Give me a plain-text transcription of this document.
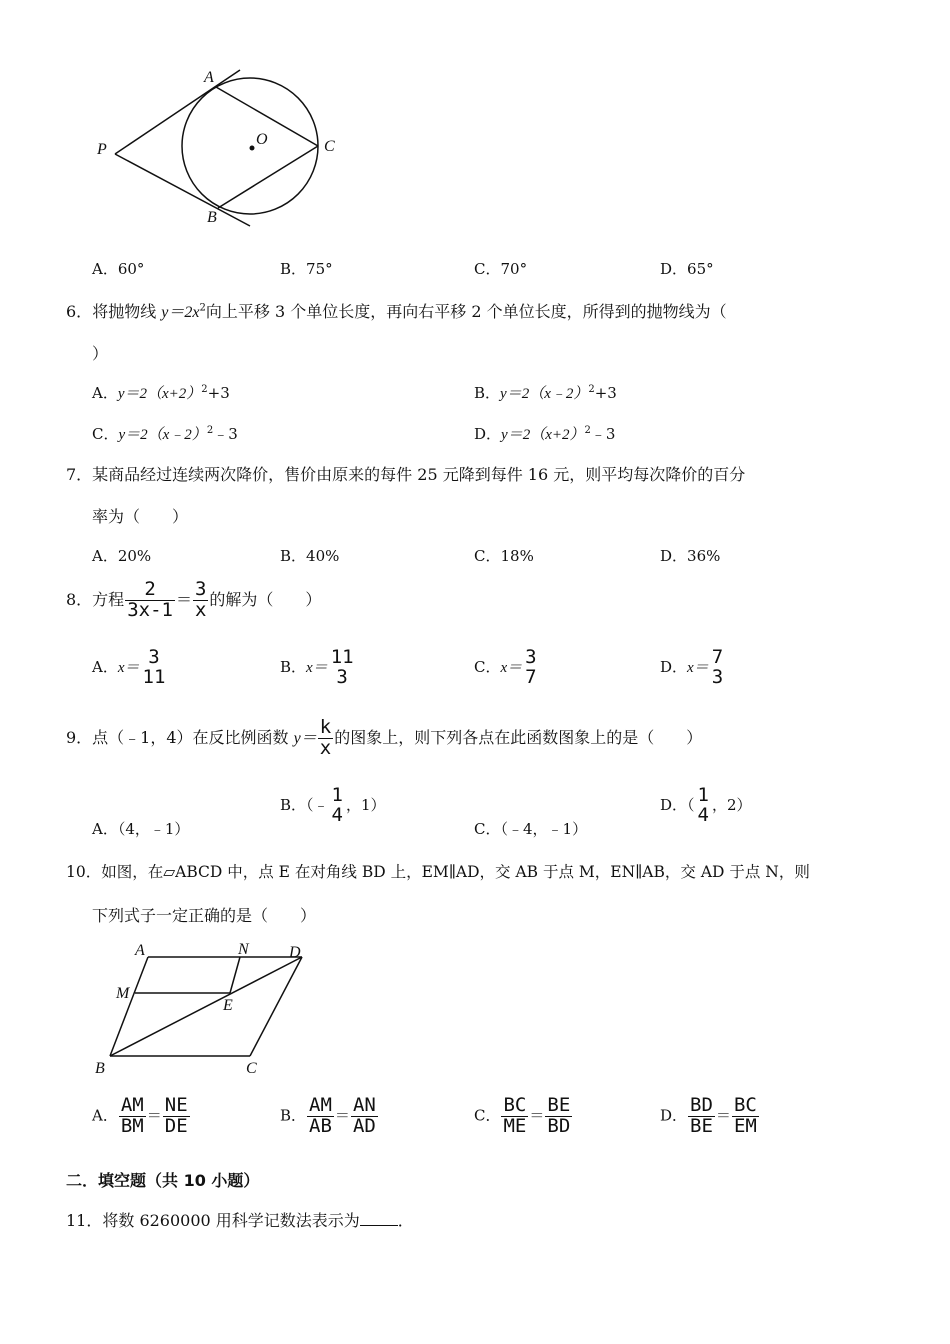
A
P
O	C
B
A．60°	B．75°	C．70°	D．65°
6．将抛物线 $y=2x^2$向上平移 3 个单位长度，再向右平移 2 个单位长度，所得到的抛物线为（
）
A．$y=2(x+2)^2+3$	B．y＝2（x﹣2）$^2$+3
C．y＝2（x﹣2）$^2$﹣3	D．$y=2(x+2)^2﹣3$
7．某商品经过连续两次降价，售价由原来的每件 25 元降到每件 16 元，则平均每次降价的百分
率为（　　）
A．20%	B．40%	C．18%	D．36%
8．方程 $\frac{2}{3x-1} = \frac{3}{x}$ 的解为（　　）
A．x＝ 3
11	B．x＝ 11
3	C．x＝ 3
7	D．x＝ 7
3
9．点（﹣1，4）在反比例函数 $y= \frac{k}{x}$ 的图象上，则下列各点在此函数图象上的是（　　）
A．（4，﹣1）
B．（﹣ 1
4 ，1）
C．（﹣4，﹣1）
D．（ 1
4 ，2）
10．如图，在▱ABCD 中，点 E 在对角线 BD 上，EM∥AD，交 AB 于点 M，EN∥AB，交 AD 于点 N，则
下列式子一定正确的是（　　）
A	N	D
M
E
B	C
A． $\frac{AM}{BM} = \frac{NE}{DE}$	B． $\frac{AM}{AB} = \frac{AN}{AD}$	C． $\frac{BC}{ME} = \frac{BE}{BD}$	D． $\frac{BD}{BE} = \frac{BC}{EM}$
二．填空题（共 10 小题）
11．将数 6260000 用科学记数法表示为 ．
